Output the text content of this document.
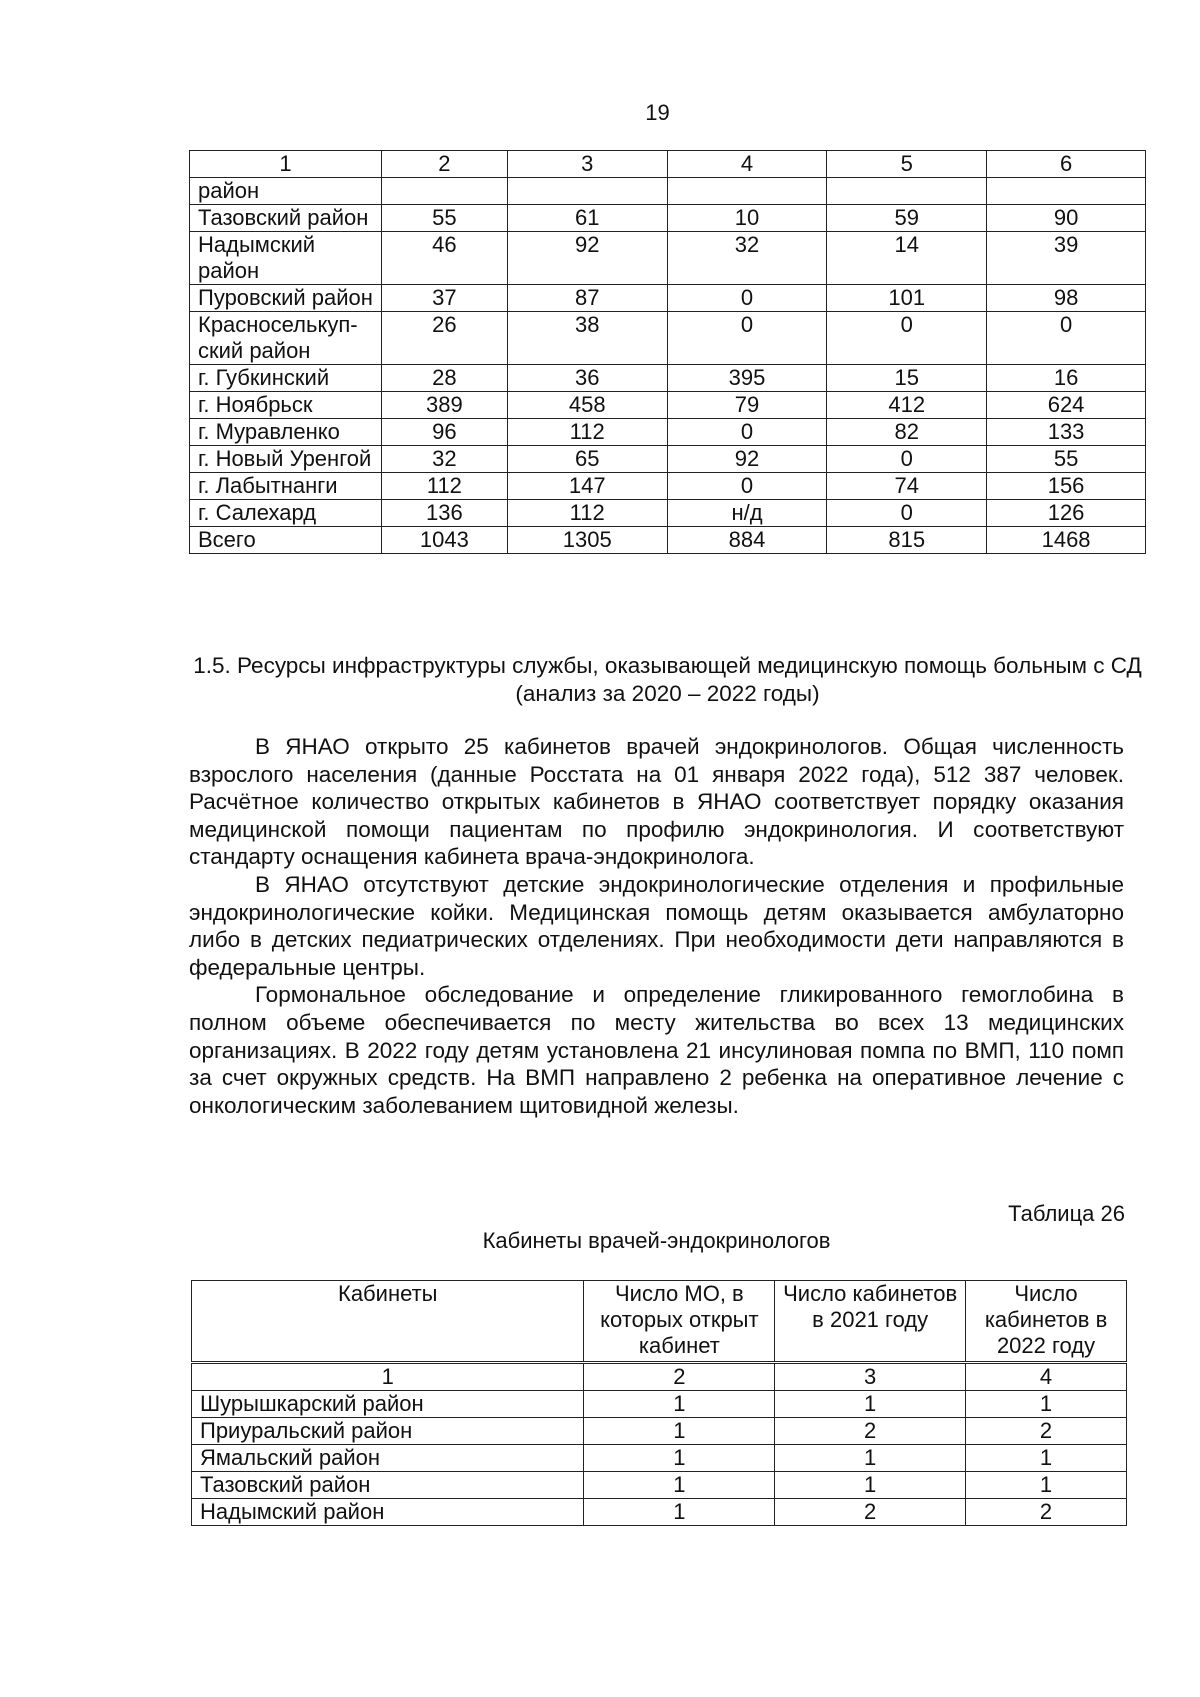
19
1	2	3	4	5	6
район					
Тазовский район	55	61	10	59	90
Надымский район	46	92	32	14	39
Пуровский район	37	87	0	101	98
Красноселькуп-ский район	26	38	0	0	0
г. Губкинский	28	36	395	15	16
г. Ноябрьск	389	458	79	412	624
г. Муравленко	96	112	0	82	133
г. Новый Уренгой	32	65	92	0	55
г. Лабытнанги	112	147	0	74	156
г. Салехард	136	112	н/д	0	126
Всего	1043	1305	884	815	1468
1.5. Ресурсы инфраструктуры службы, оказывающей медицинскую помощь больным с СД (анализ за 2020 – 2022 годы)

В ЯНАО открыто 25 кабинетов врачей эндокринологов. Общая численность взрослого населения (данные Росстата на 01 января 2022 года), 512 387 человек. Расчётное количество открытых кабинетов в ЯНАО соответствует порядку оказания медицинской помощи пациентам по профилю эндокринология. И соответствуют стандарту оснащения кабинета врача-эндокринолога.

В ЯНАО отсутствуют детские эндокринологические отделения и профильные эндокринологические койки. Медицинская помощь детям оказывается амбулаторно либо в детских педиатрических отделениях. При необходимости дети направляются в федеральные центры.

Гормональное обследование и определение гликированного гемоглобина в полном объеме обеспечивается по месту жительства во всех 13 медицинских организациях. В 2022 году детям установлена 21 инсулиновая помпа по ВМП, 110 помп за счет окружных средств. На ВМП направлено 2 ребенка на оперативное лечение с онкологическим заболеванием щитовидной железы.

Таблица 26
Кабинеты врачей-эндокринологов
Кабинеты	Число МО, в которых открыт кабинет	Число кабинетов в 2021 году	Число кабинетов в 2022 году
1	2	3	4
Шурышкарский район	1	1	1
Приуральский район	1	2	2
Ямальский район	1	1	1
Тазовский район	1	1	1
Надымский район	1	2	2
